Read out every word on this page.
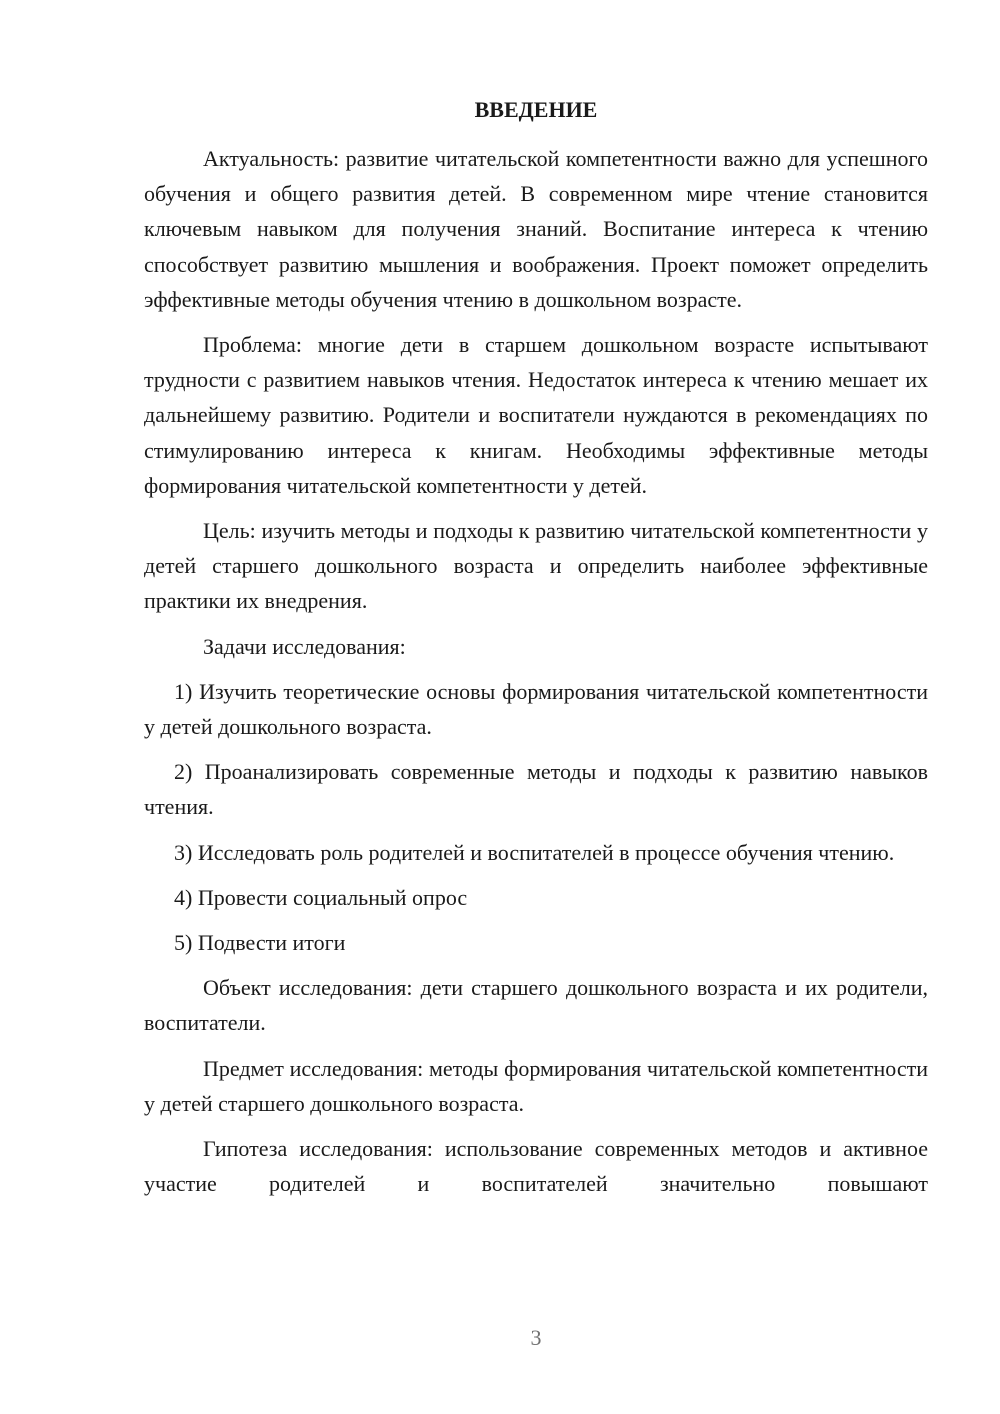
ВВЕДЕНИЕ

Актуальность: развитие читательской компетентности важно для успешного обучения и общего развития детей. В современном мире чтение становится ключевым навыком для получения знаний. Воспитание интереса к чтению способствует развитию мышления и воображения. Проект поможет определить эффективные методы обучения чтению в дошкольном возрасте.

Проблема: многие дети в старшем дошкольном возрасте испытывают трудности с развитием навыков чтения. Недостаток интереса к чтению мешает их дальнейшему развитию. Родители и воспитатели нуждаются в рекомендациях по стимулированию интереса к книгам. Необходимы эффективные методы формирования читательской компетентности у детей.

Цель: изучить методы и подходы к развитию читательской компетентности у детей старшего дошкольного возраста и определить наиболее эффективные практики их внедрения.

Задачи исследования:

1) Изучить теоретические основы формирования читательской компетентности у детей дошкольного возраста.

2) Проанализировать современные методы и подходы к развитию навыков чтения.

3) Исследовать роль родителей и воспитателей в процессе обучения чтению.

4) Провести социальный опрос

5) Подвести итоги

Объект исследования: дети старшего дошкольного возраста и их родители, воспитатели.

Предмет исследования: методы формирования читательской компетентности у детей старшего дошкольного возраста.

Гипотеза исследования: использование современных методов и активное участие родителей и воспитателей значительно повышают

3
